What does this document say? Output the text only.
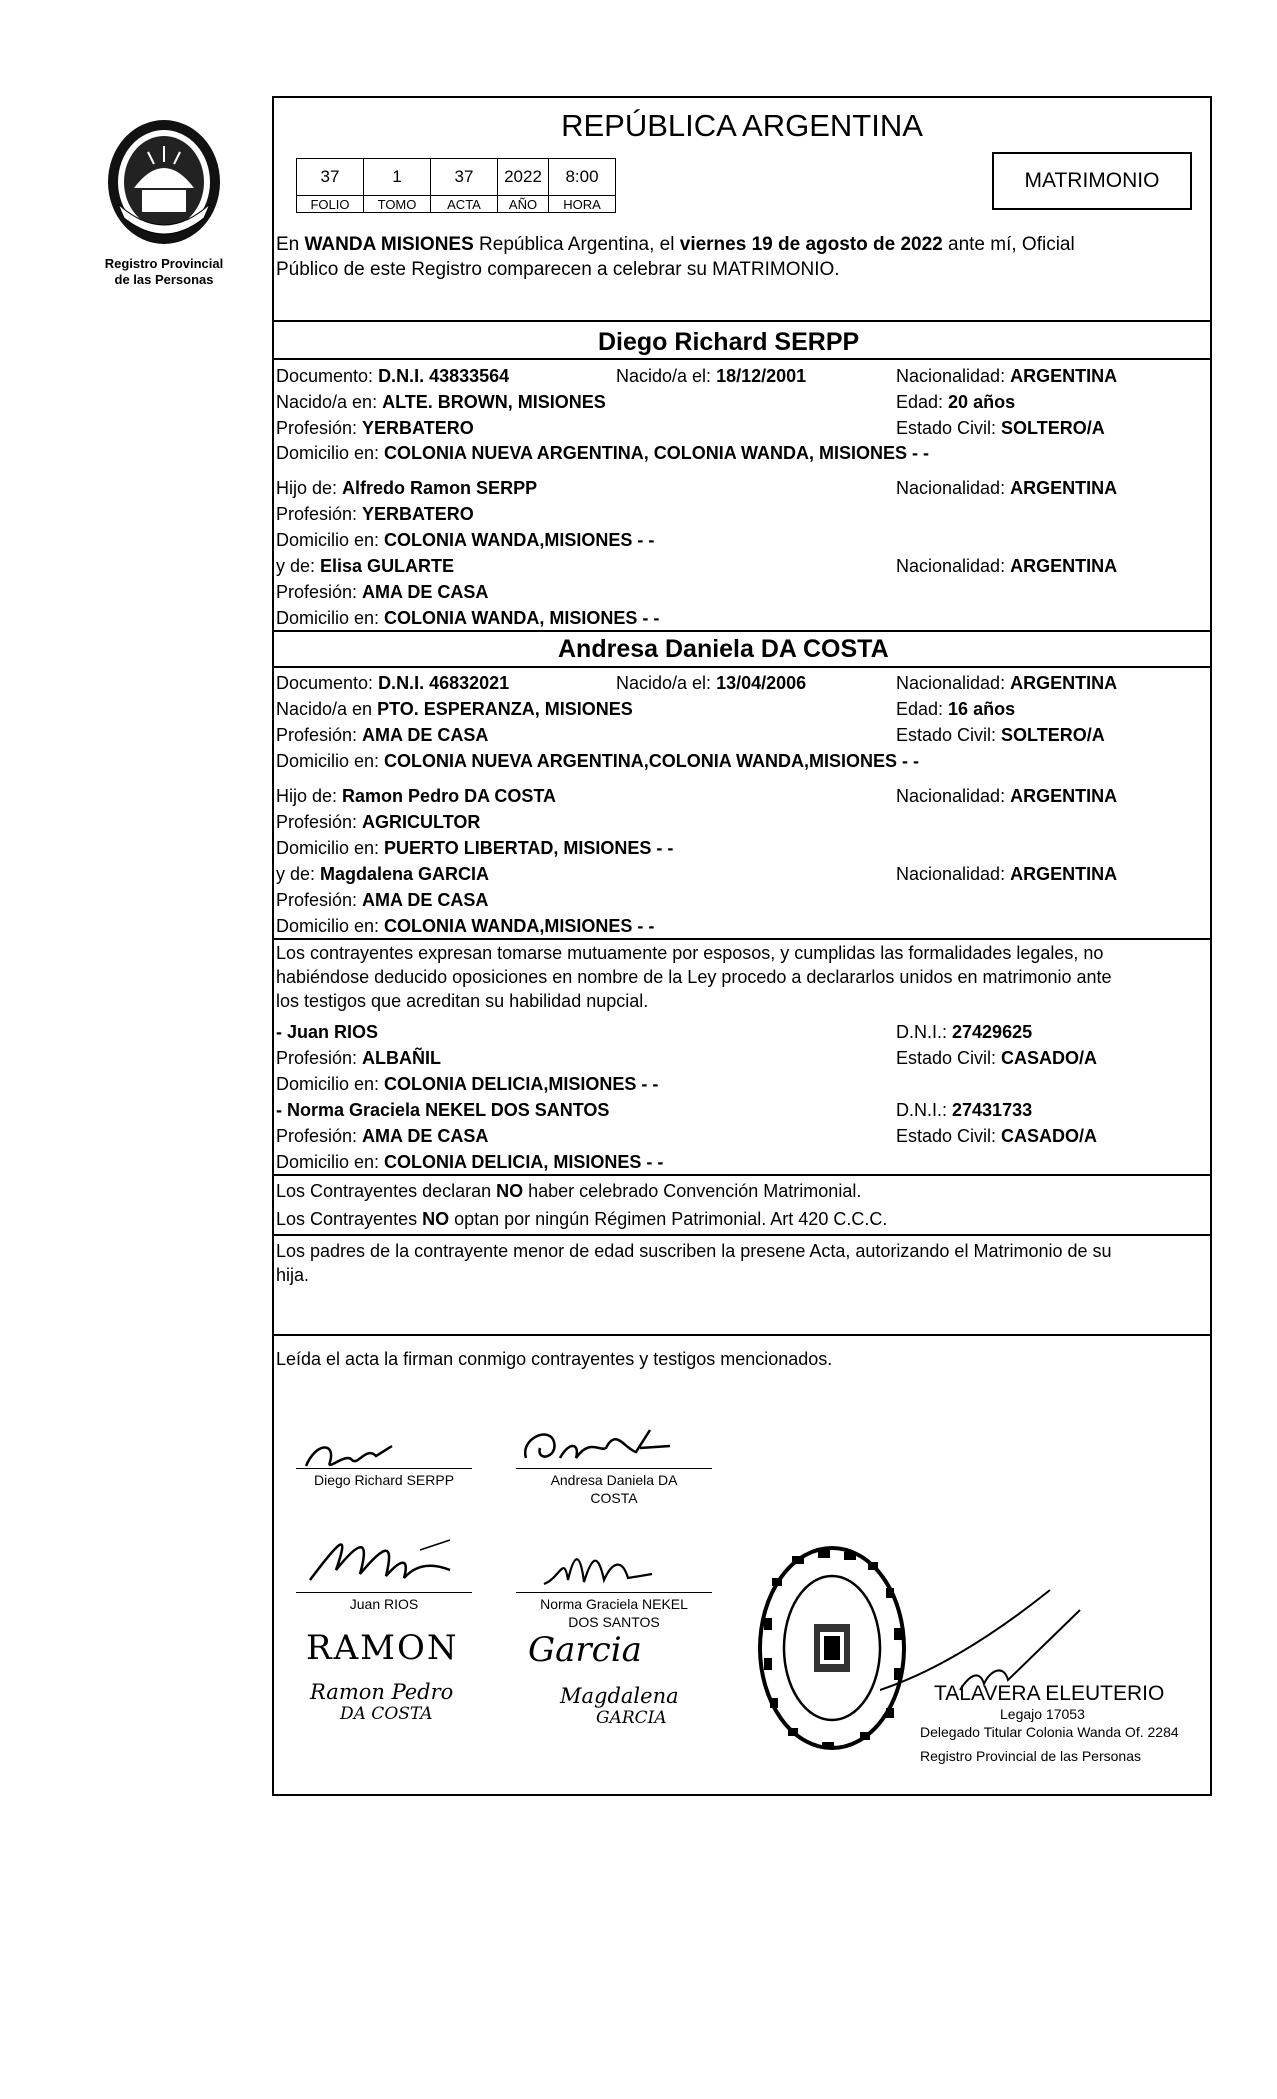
Registro Provincial
de las Personas
REPÚBLICA ARGENTINA
37	1	37	2022	8:00
FOLIO	TOMO	ACTA	AÑO	HORA
MATRIMONIO
En WANDA MISIONES República Argentina, el viernes 19 de agosto de 2022 ante mí, Oficial
Público de este Registro comparecen a celebrar su MATRIMONIO.
Diego Richard SERPP
Documento: D.N.I. 43833564	Nacido/a el: 18/12/2001	Nacionalidad: ARGENTINA
Nacido/a en: ALTE. BROWN, MISIONES	Edad: 20 años
Profesión: YERBATERO	Estado Civil: SOLTERO/A
Domicilio en: COLONIA NUEVA ARGENTINA, COLONIA WANDA, MISIONES - -
Hijo de: Alfredo Ramon SERPP	Nacionalidad: ARGENTINA
Profesión: YERBATERO
Domicilio en: COLONIA WANDA,MISIONES - -
y de: Elisa GULARTE	Nacionalidad: ARGENTINA
Profesión: AMA DE CASA
Domicilio en: COLONIA WANDA, MISIONES - -
Andresa Daniela DA COSTA
Documento: D.N.I. 46832021	Nacido/a el: 13/04/2006	Nacionalidad: ARGENTINA
Nacido/a en PTO. ESPERANZA, MISIONES	Edad: 16 años
Profesión: AMA DE CASA	Estado Civil: SOLTERO/A
Domicilio en: COLONIA NUEVA ARGENTINA,COLONIA WANDA,MISIONES - -
Hijo de: Ramon Pedro DA COSTA	Nacionalidad: ARGENTINA
Profesión: AGRICULTOR
Domicilio en: PUERTO LIBERTAD, MISIONES - -
y de: Magdalena GARCIA	Nacionalidad: ARGENTINA
Profesión: AMA DE CASA
Domicilio en: COLONIA WANDA,MISIONES - -
Los contrayentes expresan tomarse mutuamente por esposos, y cumplidas las formalidades legales, no
habiéndose deducido oposiciones en nombre de la Ley procedo a declararlos unidos en matrimonio ante
los testigos que acreditan su habilidad nupcial.
- Juan RIOS	D.N.I.: 27429625
Profesión: ALBAÑIL	Estado Civil: CASADO/A
Domicilio en: COLONIA DELICIA,MISIONES - -
- Norma Graciela NEKEL DOS SANTOS	D.N.I.: 27431733
Profesión: AMA DE CASA	Estado Civil: CASADO/A
Domicilio en: COLONIA DELICIA, MISIONES - -
Los Contrayentes declaran NO haber celebrado Convención Matrimonial.
Los Contrayentes NO optan por ningún Régimen Patrimonial. Art 420 C.C.C.
Los padres de la contrayente menor de edad suscriben la presene Acta, autorizando el Matrimonio de su
hija.
Leída el acta la firman conmigo contrayentes y testigos mencionados.
Diego Richard SERPP	Andresa Daniela DA
COSTA
Juan RIOS	Norma Graciela NEKEL
DOS SANTOS
RAMON Garcia
Ramon Pedro
DA COSTA
Magdalena
GARCIA
TALAVERA ELEUTERIO
Legajo 17053
Delegado Titular Colonia Wanda Of. 2284
Registro Provincial de las Personas
